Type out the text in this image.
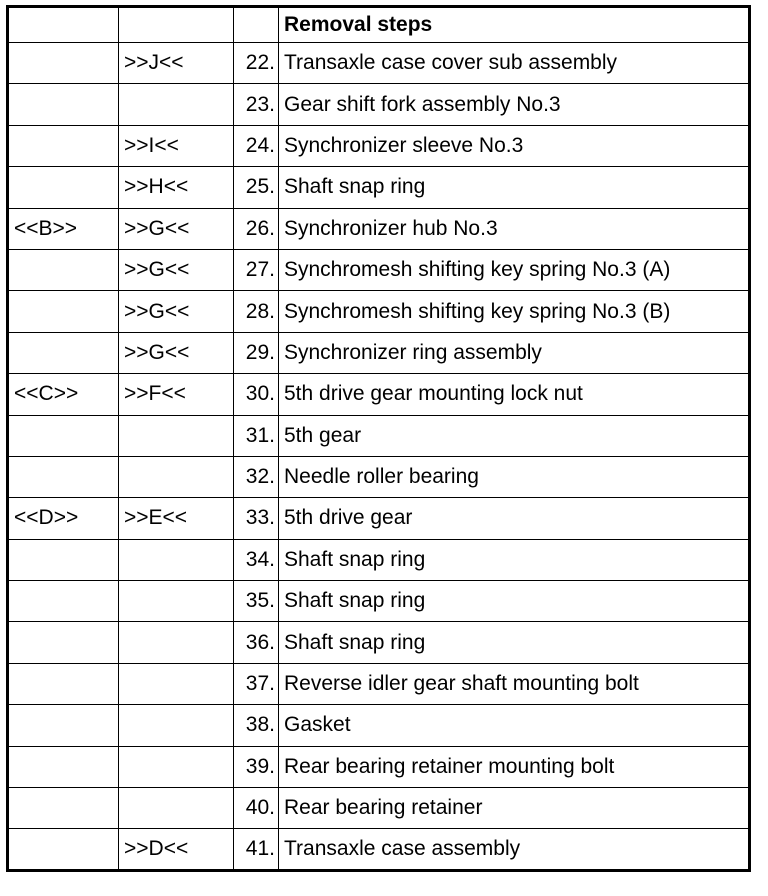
			Removal steps
	>>J<<	22.	Transaxle case cover sub assembly
		23.	Gear shift fork assembly No.3
	>>I<<	24.	Synchronizer sleeve No.3
	>>H<<	25.	Shaft snap ring
<<B>>	>>G<<	26.	Synchronizer hub No.3
	>>G<<	27.	Synchromesh shifting key spring No.3 (A)
	>>G<<	28.	Synchromesh shifting key spring No.3 (B)
	>>G<<	29.	Synchronizer ring assembly
<<C>>	>>F<<	30.	5th drive gear mounting lock nut
		31.	5th gear
		32.	Needle roller bearing
<<D>>	>>E<<	33.	5th drive gear
		34.	Shaft snap ring
		35.	Shaft snap ring
		36.	Shaft snap ring
		37.	Reverse idler gear shaft mounting bolt
		38.	Gasket
		39.	Rear bearing retainer mounting bolt
		40.	Rear bearing retainer
	>>D<<	41.	Transaxle case assembly
